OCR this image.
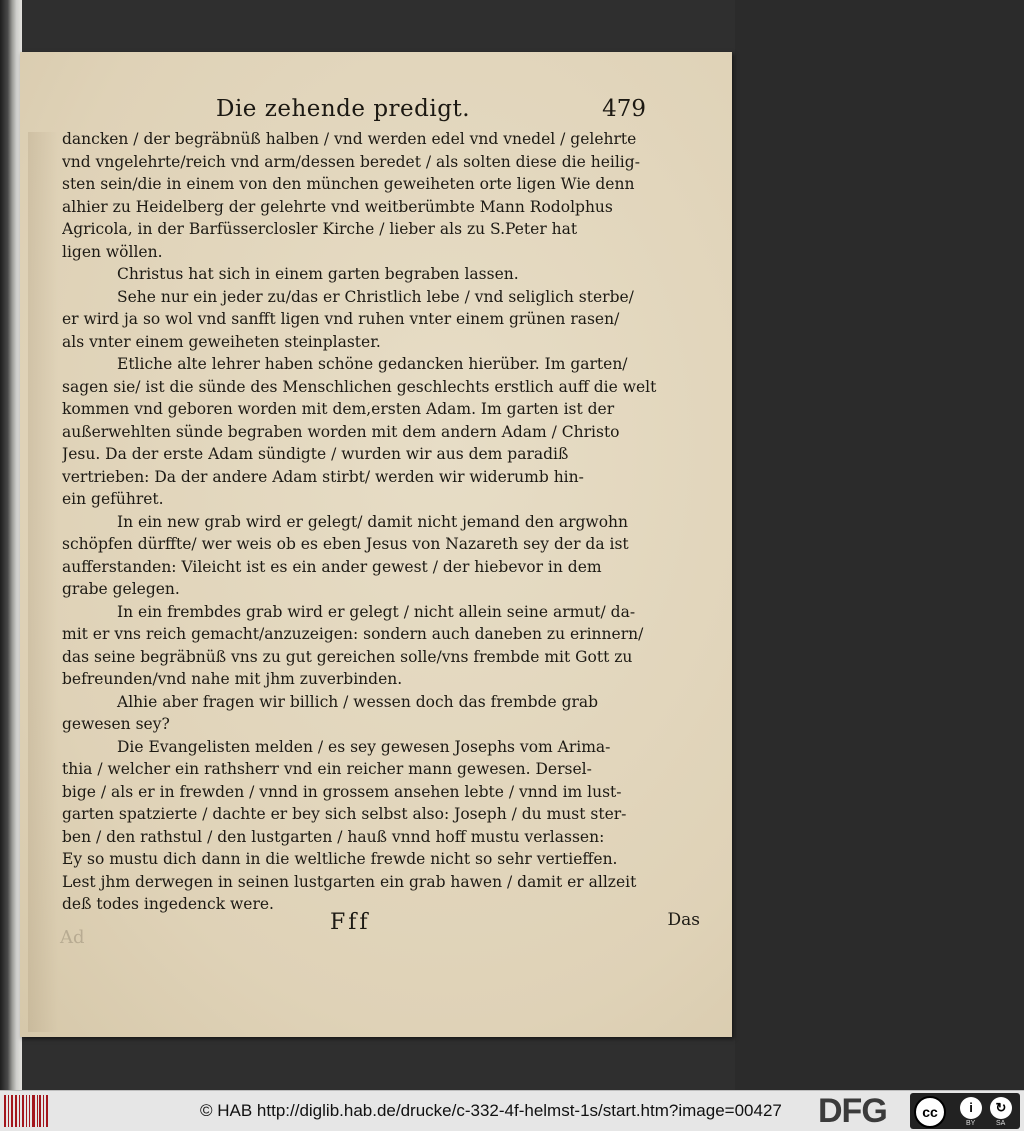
Die zehende predigt.	479
dancken / der begräbnüß halben / vnd werden edel vnd vnedel / gelehrte
vnd vngelehrte/reich vnd arm/dessen beredet / als solten diese die heilig-
sten sein/die in einem von den münchen geweiheten orte ligen Wie denn
alhier zu Heidelberg der gelehrte vnd weitberümbte Mann Rodolphus
Agricola, in der Barfüsserclosler Kirche / lieber als zu S.Peter hat
ligen wöllen.
Christus hat sich in einem garten begraben lassen.
Sehe nur ein jeder zu/das er Christlich lebe / vnd seliglich sterbe/
er wird ja so wol vnd sanfft ligen vnd ruhen vnter einem grünen rasen/
als vnter einem geweiheten steinplaster.
Etliche alte lehrer haben schöne gedancken hierüber. Im garten/
sagen sie/ ist die sünde des Menschlichen geschlechts erstlich auff die welt
kommen vnd geboren worden mit dem,ersten Adam. Im garten ist der
außerwehlten sünde begraben worden mit dem andern Adam / Christo
Jesu. Da der erste Adam sündigte / wurden wir aus dem paradiß
vertrieben: Da der andere Adam stirbt/ werden wir widerumb hin-
ein geführet.
In ein new grab wird er gelegt/ damit nicht jemand den argwohn
schöpfen dürffte/ wer weis ob es eben Jesus von Nazareth sey der da ist
aufferstanden: Vileicht ist es ein ander gewest / der hiebevor in dem
grabe gelegen.
In ein frembdes grab wird er gelegt / nicht allein seine armut/ da-
mit er vns reich gemacht/anzuzeigen: sondern auch daneben zu erinnern/
das seine begräbnüß vns zu gut gereichen solle/vns frembde mit Gott zu
befreunden/vnd nahe mit jhm zuverbinden.
Alhie aber fragen wir billich / wessen doch das frembde grab
gewesen sey?
Die Evangelisten melden / es sey gewesen Josephs vom Arima-
thia / welcher ein rathsherr vnd ein reicher mann gewesen. Dersel-
bige / als er in frewden / vnnd in grossem ansehen lebte / vnnd im lust-
garten spatzierte / dachte er bey sich selbst also: Joseph / du must ster-
ben / den rathstul / den lustgarten / hauß vnnd hoff mustu verlassen:
Ey so mustu dich dann in die weltliche frewde nicht so sehr vertieffen.
Lest jhm derwegen in seinen lustgarten ein grab hawen / damit er allzeit
deß todes ingedenck were.
Ad
Fff	Das
© HAB http://diglib.hab.de/drucke/c-332-4f-helmst-1s/start.htm?image=00427 DFG	cc	i	↻
BY	SA
